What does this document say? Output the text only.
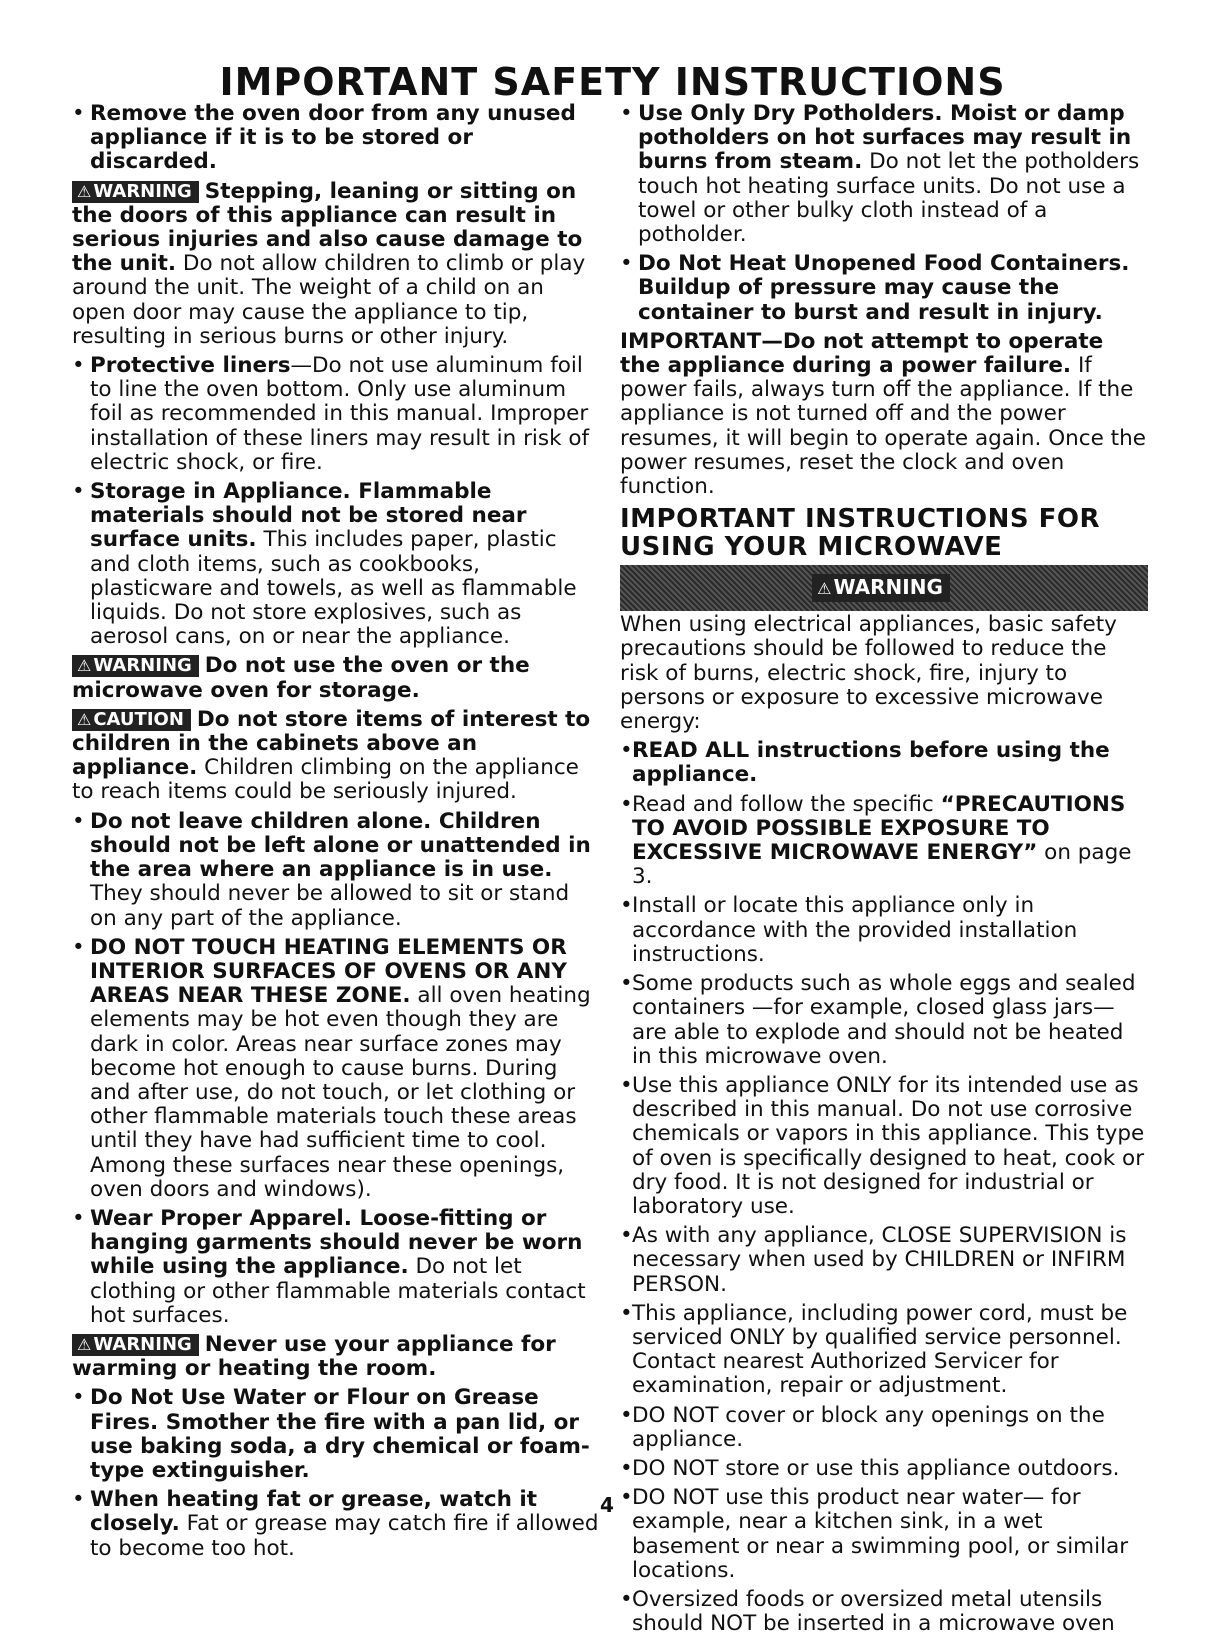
IMPORTANT SAFETY INSTRUCTIONS
• Remove the oven door from any unused appliance if it is to be stored or discarded.
⚠ WARNING Stepping, leaning or sitting on the doors of this appliance can result in serious injuries and also cause damage to the unit. Do not allow children to climb or play around the unit. The weight of a child on an open door may cause the appliance to tip, resulting in serious burns or other injury.
• Protective liners—Do not use aluminum foil to line the oven bottom. Only use aluminum foil as recommended in this manual. Improper installation of these liners may result in risk of electric shock, or fire.
• Storage in Appliance. Flammable materials should not be stored near surface units. This includes paper, plastic and cloth items, such as cookbooks, plasticware and towels, as well as flammable liquids. Do not store explosives, such as aerosol cans, on or near the appliance.
⚠ WARNING Do not use the oven or the microwave oven for storage.
⚠ CAUTION Do not store items of interest to children in the cabinets above an appliance. Children climbing on the appliance to reach items could be seriously injured.
• Do not leave children alone. Children should not be left alone or unattended in the area where an appliance is in use. They should never be allowed to sit or stand on any part of the appliance.
• DO NOT TOUCH HEATING ELEMENTS OR INTERIOR SURFACES OF OVENS OR ANY AREAS NEAR THESE ZONE. all oven heating elements may be hot even though they are dark in color. Areas near surface zones may become hot enough to cause burns. During and after use, do not touch, or let clothing or other flammable materials touch these areas until they have had sufficient time to cool. Among these surfaces near these openings, oven doors and windows).
• Wear Proper Apparel. Loose-fitting or hanging garments should never be worn while using the appliance. Do not let clothing or other flammable materials contact hot surfaces.
⚠ WARNING Never use your appliance for warming or heating the room.
• Do Not Use Water or Flour on Grease Fires. Smother the fire with a pan lid, or use baking soda, a dry chemical or foam-type extinguisher.
• When heating fat or grease, watch it closely. Fat or grease may catch fire if allowed to become too hot.
• Use Only Dry Potholders. Moist or damp potholders on hot surfaces may result in burns from steam. Do not let the potholders touch hot heating surface units. Do not use a towel or other bulky cloth instead of a potholder.
• Do Not Heat Unopened Food Containers. Buildup of pressure may cause the container to burst and result in injury.
IMPORTANT—Do not attempt to operate the appliance during a power failure. If power fails, always turn off the appliance. If the appliance is not turned off and the power resumes, it will begin to operate again. Once the power resumes, reset the clock and oven function.
IMPORTANT INSTRUCTIONS FOR USING YOUR MICROWAVE
⚠ WARNING
When using electrical appliances, basic safety precautions should be followed to reduce the risk of burns, electric shock, fire, injury to persons or exposure to excessive microwave energy:
• READ ALL instructions before using the appliance.
• Read and follow the specific “PRECAUTIONS TO AVOID POSSIBLE EXPOSURE TO EXCESSIVE MICROWAVE ENERGY” on page 3.
• Install or locate this appliance only in accordance with the provided installation instructions.
• Some products such as whole eggs and sealed containers —for example, closed glass jars— are able to explode and should not be heated in this microwave oven.
• Use this appliance ONLY for its intended use as described in this manual. Do not use corrosive chemicals or vapors in this appliance. This type of oven is specifically designed to heat, cook or dry food. It is not designed for industrial or laboratory use.
• As with any appliance, CLOSE SUPERVISION is necessary when used by CHILDREN or INFIRM PERSON.
• This appliance, including power cord, must be serviced ONLY by qualified service personnel. Contact nearest Authorized Servicer for examination, repair or adjustment.
• DO NOT cover or block any openings on the appliance.
• DO NOT store or use this appliance outdoors.
• DO NOT use this product near water— for example, near a kitchen sink, in a wet basement or near a swimming pool, or similar locations.
• Oversized foods or oversized metal utensils should NOT be inserted in a microwave oven
4
